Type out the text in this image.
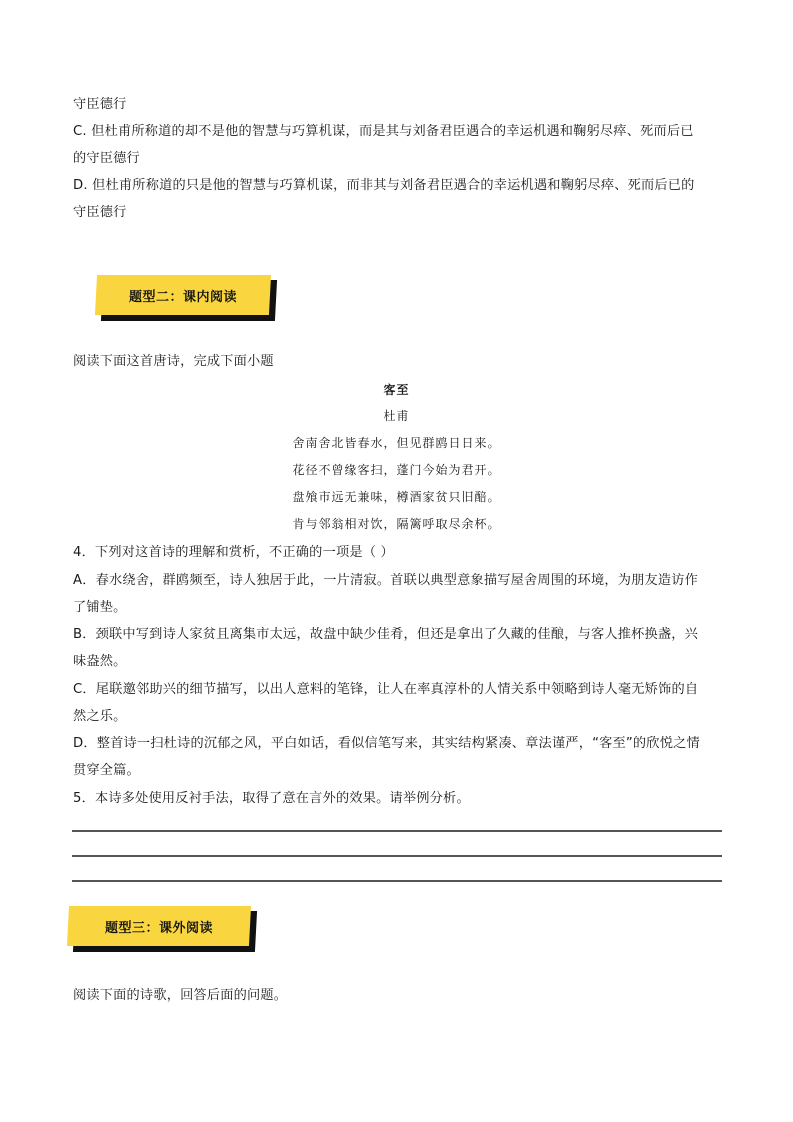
守臣德行
C. 但杜甫所称道的却不是他的智慧与巧算机谋，而是其与刘备君臣遇合的幸运机遇和鞠躬尽瘁、死而后已
的守臣德行
D. 但杜甫所称道的只是他的智慧与巧算机谋，而非其与刘备君臣遇合的幸运机遇和鞠躬尽瘁、死而后已的
守臣德行
题型二：课内阅读
阅读下面这首唐诗，完成下面小题
客至
杜甫
舍南舍北皆春水，但见群鸥日日来。
花径不曾缘客扫，蓬门今始为君开。
盘飧市远无兼味，樽酒家贫只旧醅。
肯与邻翁相对饮，隔篱呼取尽余杯。
4．下列对这首诗的理解和赏析，不正确的一项是（ ）
A．春水绕舍，群鸥频至，诗人独居于此，一片清寂。首联以典型意象描写屋舍周围的环境，为朋友造访作
了铺垫。
B．颈联中写到诗人家贫且离集市太远，故盘中缺少佳肴，但还是拿出了久藏的佳酿，与客人推杯换盏，兴
味盎然。
C．尾联邀邻助兴的细节描写，以出人意料的笔锋，让人在率真淳朴的人情关系中领略到诗人毫无矫饰的自
然之乐。
D．整首诗一扫杜诗的沉郁之风，平白如话，看似信笔写来，其实结构紧凑、章法谨严，“客至”的欣悦之情
贯穿全篇。
5．本诗多处使用反衬手法，取得了意在言外的效果。请举例分析。
题型三：课外阅读
阅读下面的诗歌，回答后面的问题。
